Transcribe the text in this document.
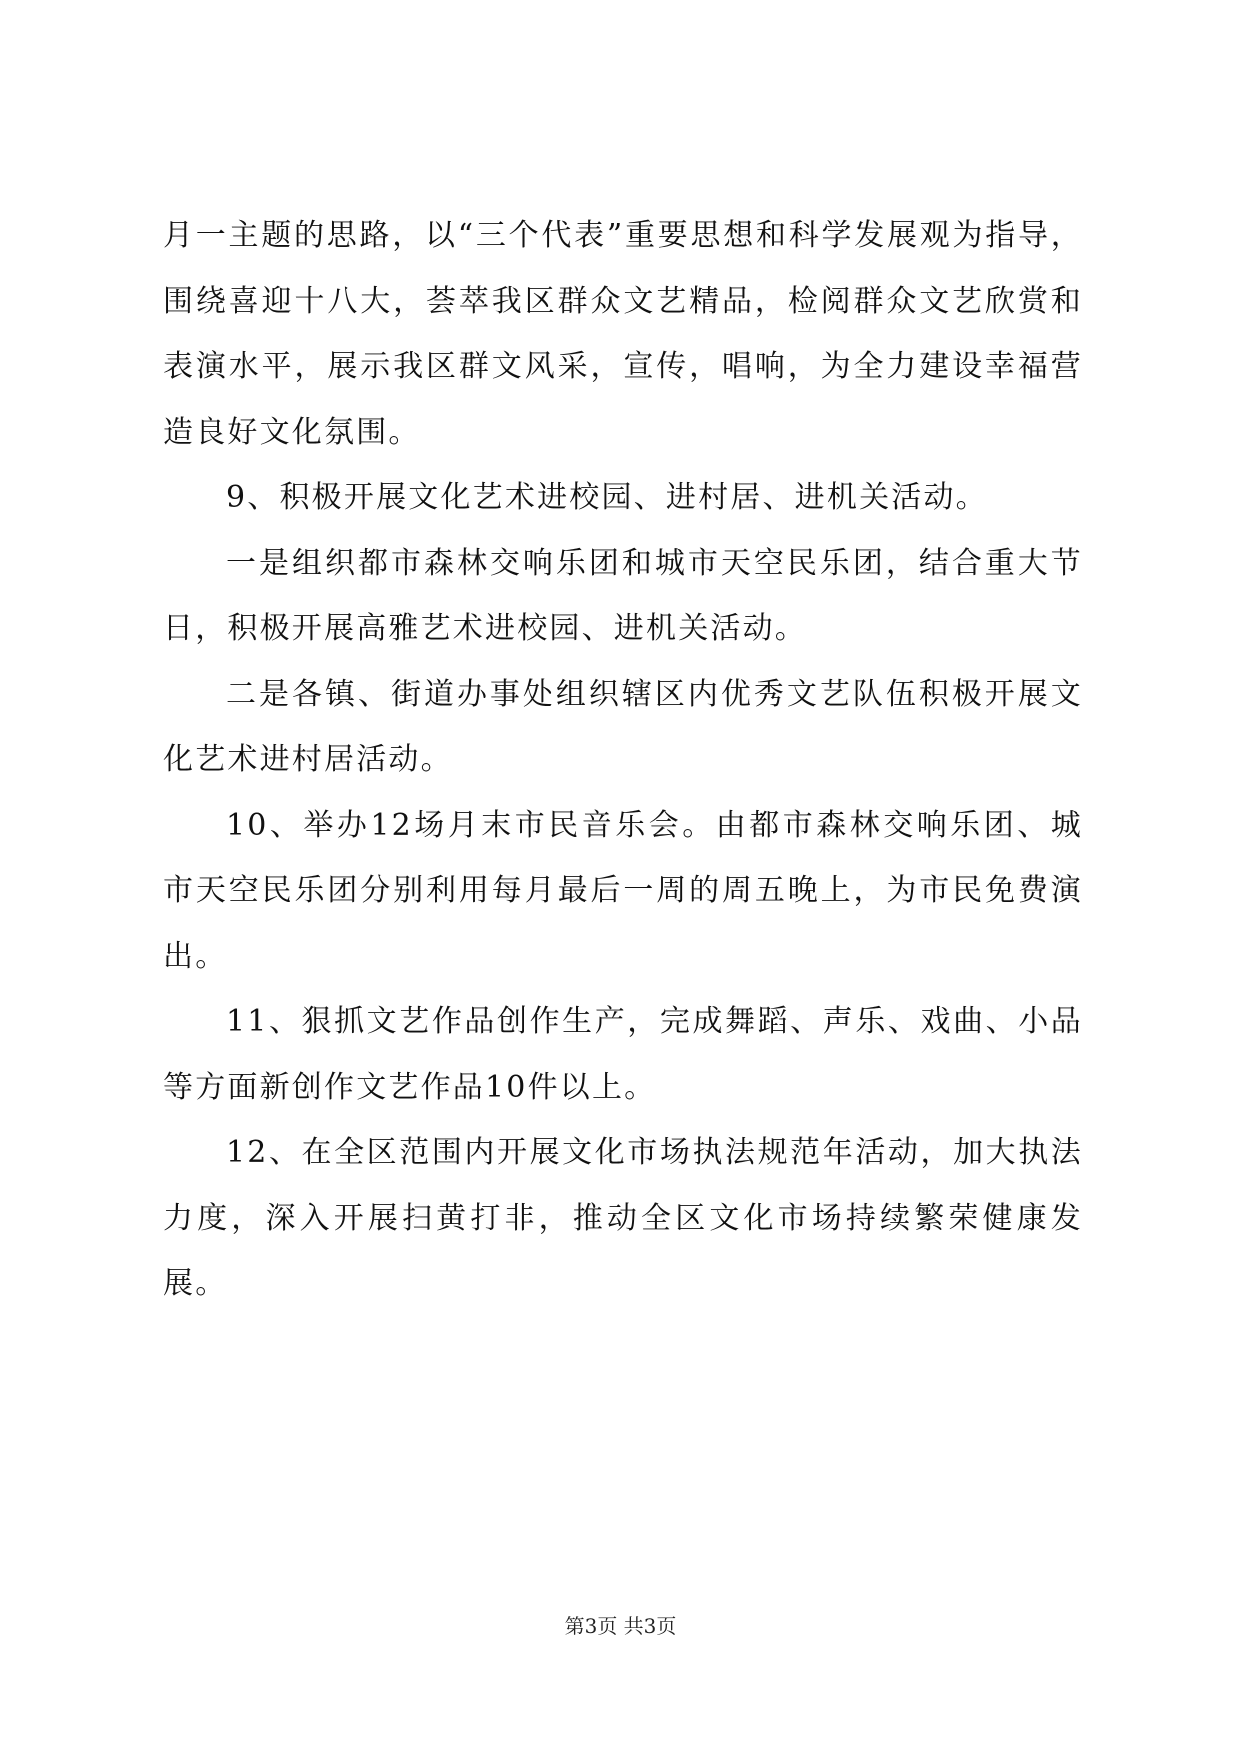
月一主题的思路，以“三个代表”重要思想和科学发展观为指导，围绕喜迎十八大，荟萃我区群众文艺精品，检阅群众文艺欣赏和表演水平，展示我区群文风采，宣传，唱响，为全力建设幸福营造良好文化氛围。

9、积极开展文化艺术进校园、进村居、进机关活动。

一是组织都市森林交响乐团和城市天空民乐团，结合重大节日，积极开展高雅艺术进校园、进机关活动。

二是各镇、街道办事处组织辖区内优秀文艺队伍积极开展文化艺术进村居活动。

10、举办12场月末市民音乐会。由都市森林交响乐团、城市天空民乐团分别利用每月最后一周的周五晚上，为市民免费演出。

11、狠抓文艺作品创作生产，完成舞蹈、声乐、戏曲、小品等方面新创作文艺作品10件以上。

12、在全区范围内开展文化市场执法规范年活动，加大执法力度，深入开展扫黄打非，推动全区文化市场持续繁荣健康发展。

第3页 共3页
